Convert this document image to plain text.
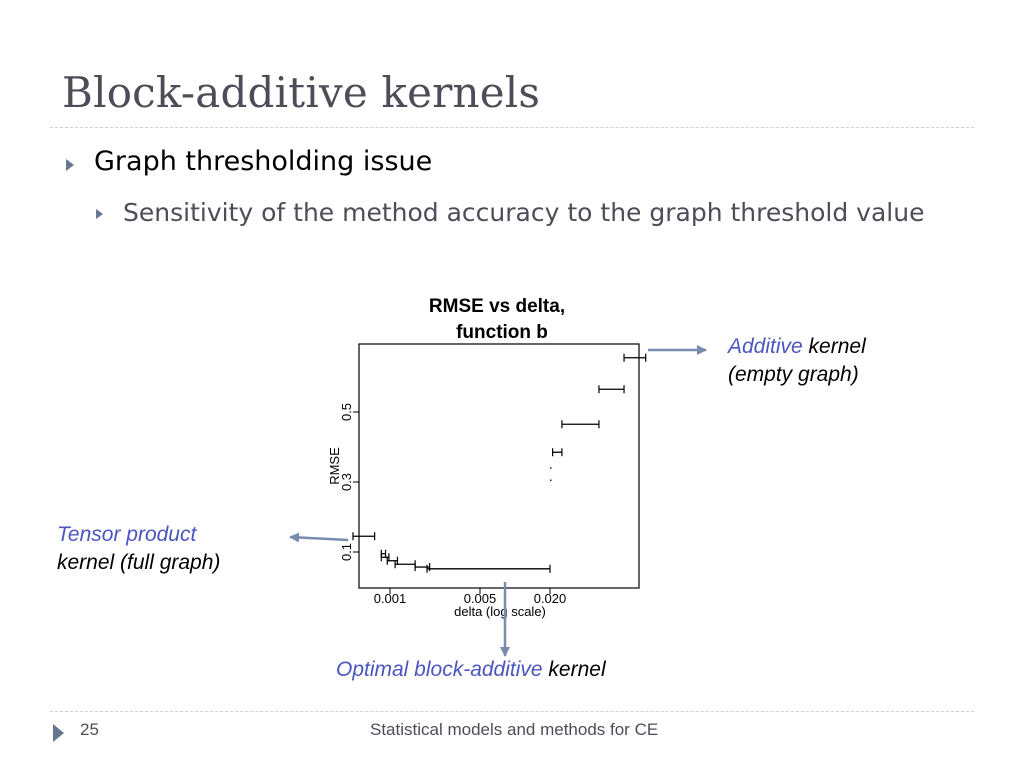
Block-additive kernels
Graph thresholding issue
Sensitivity of the method accuracy to the graph threshold value
RMSE vs delta,
function b
0.001	0.005	0.020
delta (log scale)
0.1
0.3
0.5
RMSE
Additive kernel
(empty graph)
Tensor product
kernel (full graph)
Optimal block-additive kernel
25	Statistical models and methods for CE
